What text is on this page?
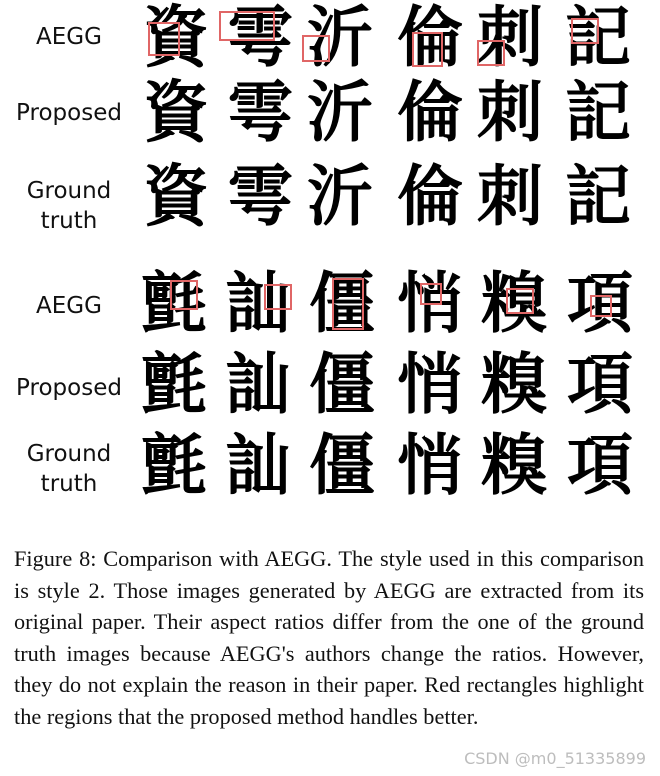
AEGG
Proposed
Ground
truth
AEGG
Proposed
Ground
truth
資 雩 沂 倫 刺 記
資 雩 沂 倫 刺 記
資 雩 沂 倫 刺 記
氈 訕 僵 悄 糗 項
氈 訕 僵 悄 糗 項
氈 訕 僵 悄 糗 項
Figure 8: Comparison with AEGG. The style used in this comparison is style 2. Those images generated by AEGG are extracted from its original paper. Their aspect ratios differ from the one of the ground truth images because AEGG's authors change the ratios. However, they do not explain the reason in their paper. Red rectangles highlight the regions that the proposed method handles better.
CSDN @m0_51335899
